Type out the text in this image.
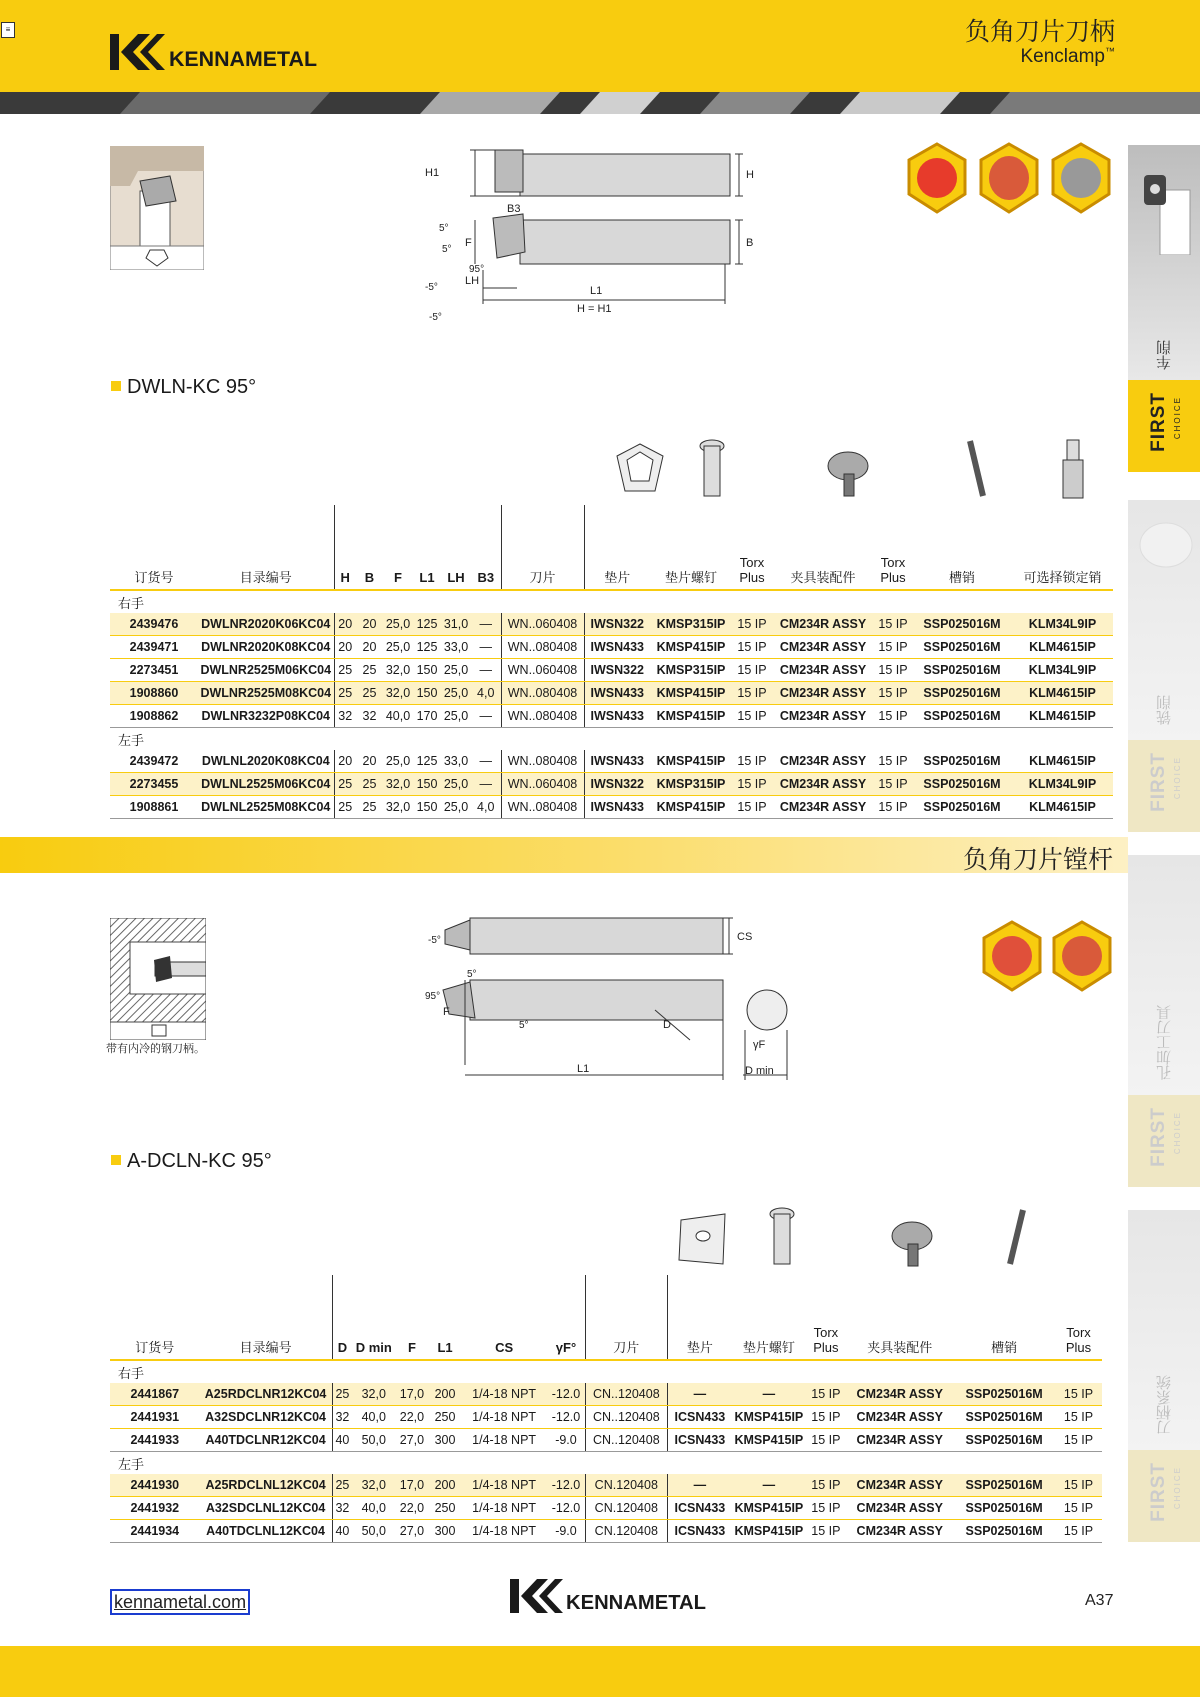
≡
KENNAMETAL
负角刀片刀柄
Kenclamp™
车削
FIRST CHOICE
铣削
FIRST CHOICE
孔加工刀具
FIRST CHOICE
刀柄系统
FIRST CHOICE
H1	H
B3
B
F
5°
5°
95°
LH
L1
H = H1
-5°
-5°
DWLN-KC 95°
订货号	目录编号	H	B	F	L1	LH	B3	刀片	垫片	垫片螺钉	Torx Plus	夹具装配件	Torx Plus	槽销	可选择锁定销
右手															
2439476	DWLNR2020K06KC04	20	20	25,0	125	31,0	—	WN..060408	IWSN322	KMSP315IP	15 IP	CM234R ASSY	15 IP	SSP025016M	KLM34L9IP
2439471	DWLNR2020K08KC04	20	20	25,0	125	33,0	—	WN..080408	IWSN433	KMSP415IP	15 IP	CM234R ASSY	15 IP	SSP025016M	KLM4615IP
2273451	DWLNR2525M06KC04	25	25	32,0	150	25,0	—	WN..060408	IWSN322	KMSP315IP	15 IP	CM234R ASSY	15 IP	SSP025016M	KLM34L9IP
1908860	DWLNR2525M08KC04	25	25	32,0	150	25,0	4,0	WN..080408	IWSN433	KMSP415IP	15 IP	CM234R ASSY	15 IP	SSP025016M	KLM4615IP
1908862	DWLNR3232P08KC04	32	32	40,0	170	25,0	—	WN..080408	IWSN433	KMSP415IP	15 IP	CM234R ASSY	15 IP	SSP025016M	KLM4615IP
左手															
2439472	DWLNL2020K08KC04	20	20	25,0	125	33,0	—	WN..080408	IWSN433	KMSP415IP	15 IP	CM234R ASSY	15 IP	SSP025016M	KLM4615IP
2273455	DWLNL2525M06KC04	25	25	32,0	150	25,0	—	WN..060408	IWSN322	KMSP315IP	15 IP	CM234R ASSY	15 IP	SSP025016M	KLM34L9IP
1908861	DWLNL2525M08KC04	25	25	32,0	150	25,0	4,0	WN..080408	IWSN433	KMSP415IP	15 IP	CM234R ASSY	15 IP	SSP025016M	KLM4615IP
负角刀片镗杆
带有内冷的钢刀柄。
-5°	CS
5°
95°
F
5°	D
L1
γF
D min
A-DCLN-KC 95°
订货号	目录编号	D	D min	F	L1	CS	γF°	刀片	垫片	垫片螺钉	Torx Plus	夹具装配件	槽销	Torx Plus
右手														
2441867	A25RDCLNR12KC04	25	32,0	17,0	200	1/4-18 NPT	-12.0	CN..120408	—	—	15 IP	CM234R ASSY	SSP025016M	15 IP
2441931	A32SDCLNR12KC04	32	40,0	22,0	250	1/4-18 NPT	-12.0	CN..120408	ICSN433	KMSP415IP	15 IP	CM234R ASSY	SSP025016M	15 IP
2441933	A40TDCLNR12KC04	40	50,0	27,0	300	1/4-18 NPT	-9.0	CN..120408	ICSN433	KMSP415IP	15 IP	CM234R ASSY	SSP025016M	15 IP
左手														
2441930	A25RDCLNL12KC04	25	32,0	17,0	200	1/4-18 NPT	-12.0	CN.120408	—	—	15 IP	CM234R ASSY	SSP025016M	15 IP
2441932	A32SDCLNL12KC04	32	40,0	22,0	250	1/4-18 NPT	-12.0	CN.120408	ICSN433	KMSP415IP	15 IP	CM234R ASSY	SSP025016M	15 IP
2441934	A40TDCLNL12KC04	40	50,0	27,0	300	1/4-18 NPT	-9.0	CN.120408	ICSN433	KMSP415IP	15 IP	CM234R ASSY	SSP025016M	15 IP
kennametal.com	KENNAMETAL	A37
